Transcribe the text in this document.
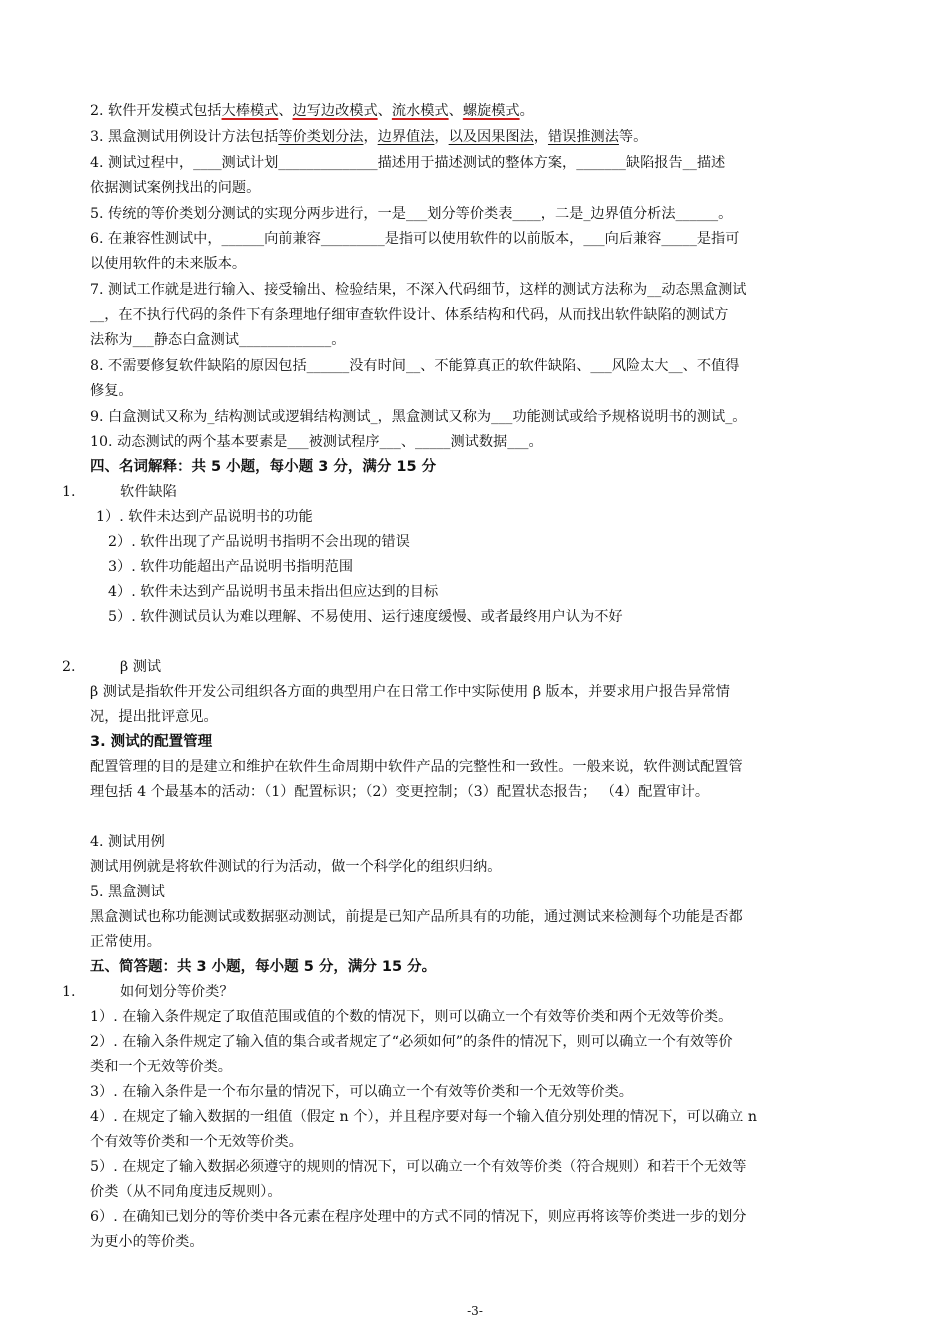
2. 软件开发模式包括大棒模式、边写边改模式、流水模式、螺旋模式。
3. 黑盒测试用例设计方法包括等价类划分法，边界值法，以及因果图法，错误推测法等。
4. 测试过程中，____测试计划______________描述用于描述测试的整体方案，_______缺陷报告__描述
依据测试案例找出的问题。
5. 传统的等价类划分测试的实现分两步进行，一是___划分等价类表____，二是_边界值分析法______。
6. 在兼容性测试中，______向前兼容_________是指可以使用软件的以前版本，___向后兼容_____是指可
以使用软件的未来版本。
7. 测试工作就是进行输入、接受输出、检验结果，不深入代码细节，这样的测试方法称为__动态黑盒测试
__，在不执行代码的条件下有条理地仔细审查软件设计、体系结构和代码，从而找出软件缺陷的测试方
法称为___静态白盒测试_____________。
8. 不需要修复软件缺陷的原因包括______没有时间__、不能算真正的软件缺陷、___风险太大__、不值得
修复。
9. 白盒测试又称为_结构测试或逻辑结构测试_，黑盒测试又称为___功能测试或给予规格说明书的测试_。
10. 动态测试的两个基本要素是___被测试程序___、_____测试数据___。
四、名词解释：共 5 小题，每小题 3 分，满分 15 分
1.	软件缺陷
1）. 软件未达到产品说明书的功能
2）. 软件出现了产品说明书指明不会出现的错误
3）. 软件功能超出产品说明书指明范围
4）. 软件未达到产品说明书虽未指出但应达到的目标
5）. 软件测试员认为难以理解、不易使用、运行速度缓慢、或者最终用户认为不好
2.	β 测试
β 测试是指软件开发公司组织各方面的典型用户在日常工作中实际使用 β 版本，并要求用户报告异常情
况，提出批评意见。
3. 测试的配置管理
配置管理的目的是建立和维护在软件生命周期中软件产品的完整性和一致性。一般来说，软件测试配置管
理包括 4 个最基本的活动：（1）配置标识；（2）变更控制；（3）配置状态报告； （4）配置审计。
4. 测试用例
测试用例就是将软件测试的行为活动，做一个科学化的组织归纳。
5. 黑盒测试
黑盒测试也称功能测试或数据驱动测试，前提是已知产品所具有的功能，通过测试来检测每个功能是否都
正常使用。
五、简答题：共 3 小题，每小题 5 分，满分 15 分。
1.	如何划分等价类？
1）. 在输入条件规定了取值范围或值的个数的情况下，则可以确立一个有效等价类和两个无效等价类。
2）. 在输入条件规定了输入值的集合或者规定了“必须如何”的条件的情况下，则可以确立一个有效等价
类和一个无效等价类。
3）. 在输入条件是一个布尔量的情况下，可以确立一个有效等价类和一个无效等价类。
4）. 在规定了输入数据的一组值（假定 n 个），并且程序要对每一个输入值分别处理的情况下，可以确立 n
个有效等价类和一个无效等价类。
5）. 在规定了输入数据必须遵守的规则的情况下，可以确立一个有效等价类（符合规则）和若干个无效等
价类（从不同角度违反规则）。
6）. 在确知已划分的等价类中各元素在程序处理中的方式不同的情况下，则应再将该等价类进一步的划分
为更小的等价类。
-3-
